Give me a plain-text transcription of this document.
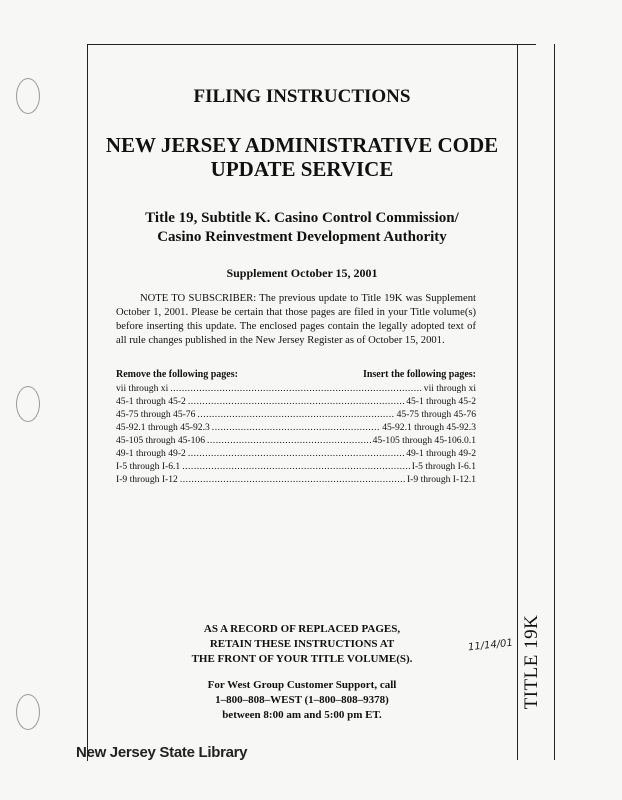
TITLE 19K
FILING INSTRUCTIONS
NEW JERSEY ADMINISTRATIVE CODE
UPDATE SERVICE
Title 19, Subtitle K. Casino Control Commission/
Casino Reinvestment Development Authority
Supplement October 15, 2001
NOTE TO SUBSCRIBER: The previous update to Title 19K was Supplement October 1, 2001. Please be certain that those pages are filed in your Title volume(s) before inserting this update. The enclosed pages contain the legally adopted text of all rule changes published in the New Jersey Register as of October 15, 2001.
Remove the following pages:	Insert the following pages:
vii through xi .....	vii through xi
45-1 through 45-2 .....	45-1 through 45-2
45-75 through 45-76 .....	45-75 through 45-76
45-92.1 through 45-92.3 .....	45-92.1 through 45-92.3
45-105 through 45-106 .....	45-105 through 45-106.0.1
49-1 through 49-2 .....	49-1 through 49-2
I-5 through I-6.1 .....	I-5 through I-6.1
I-9 through I-12 .....	I-9 through I-12.1
AS A RECORD OF REPLACED PAGES,
RETAIN THESE INSTRUCTIONS AT
THE FRONT OF YOUR TITLE VOLUME(S).
For West Group Customer Support, call
1–800–808–WEST (1–800–808–9378)
between 8:00 am and 5:00 pm ET.
11/14/01
New Jersey State Library
